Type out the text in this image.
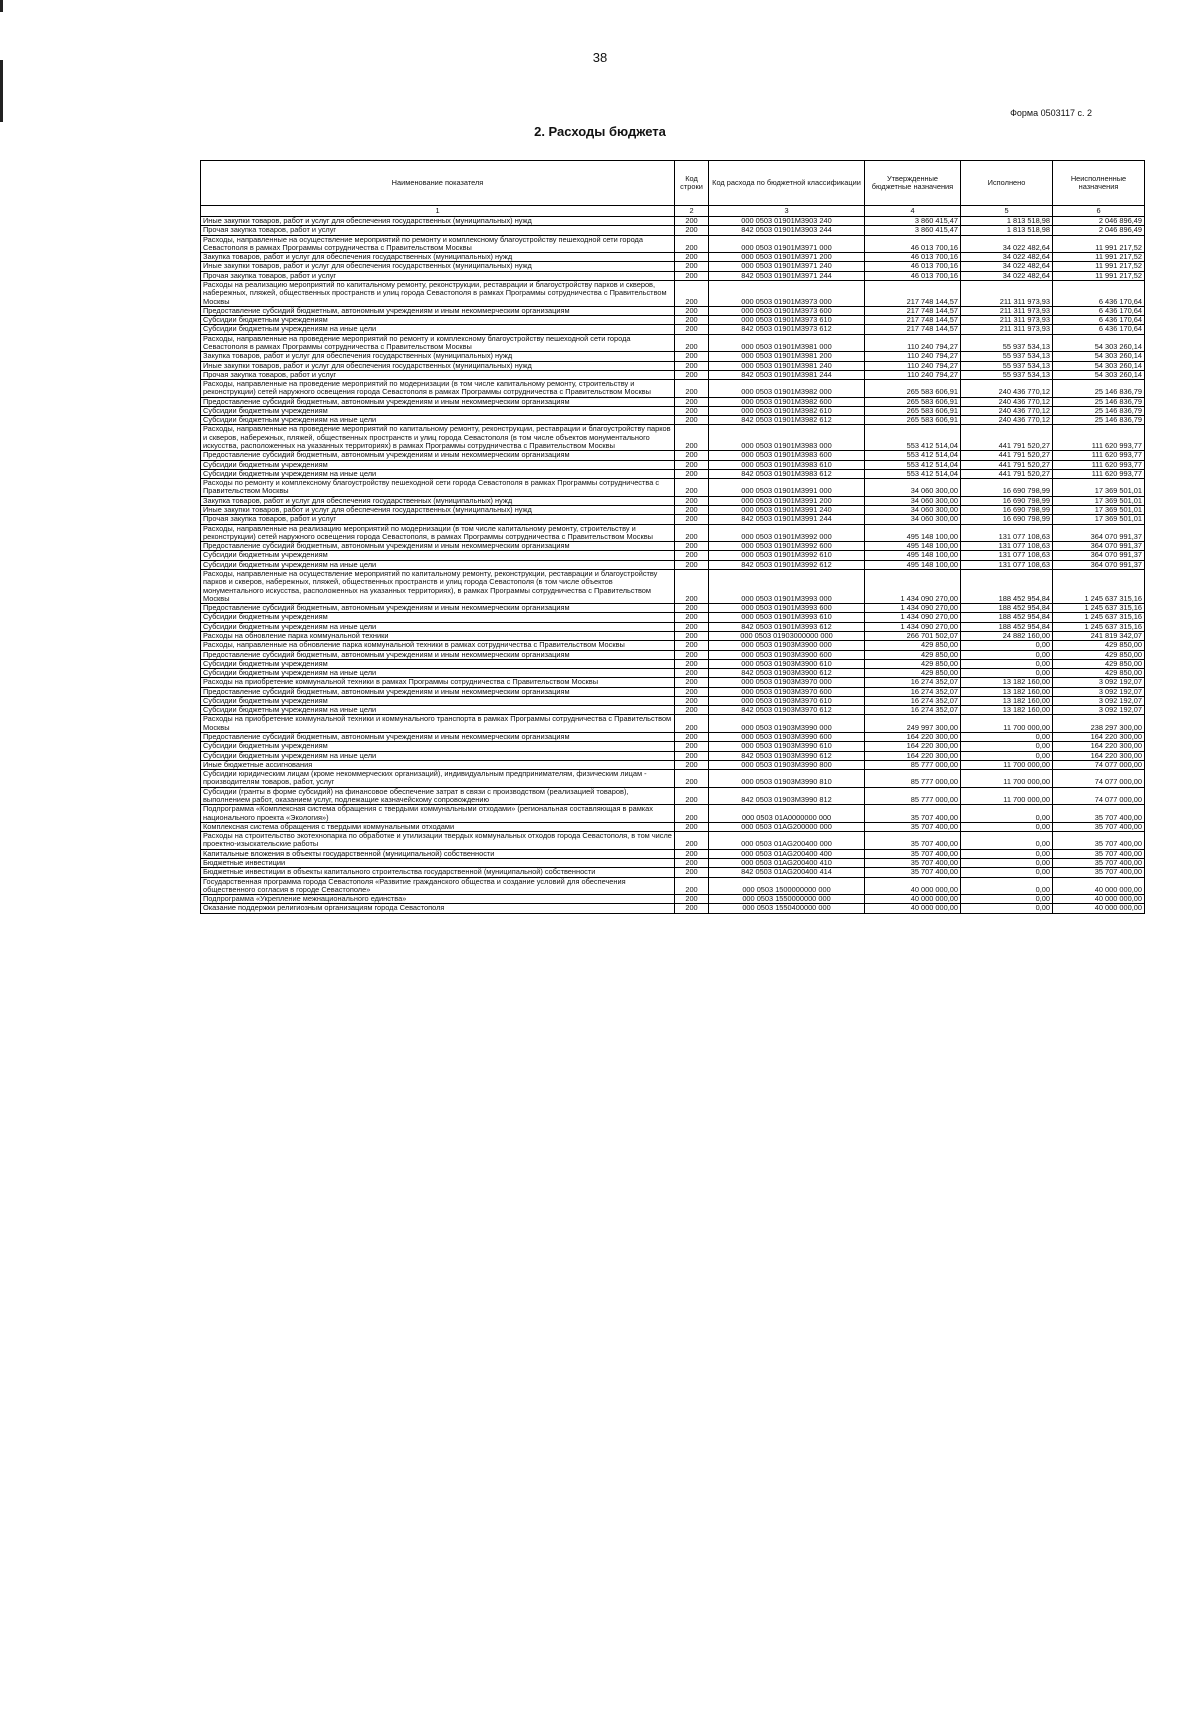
38
Форма 0503117 с. 2
2. Расходы бюджета
Наименование показателя	Код строки	Код расхода по бюджетной классификации	Утвержденные бюджетные назначения	Исполнено	Неисполненные назначения
1	2	3	4	5	6
Иные закупки товаров, работ и услуг для обеспечения государственных (муниципальных) нужд	200	000 0503 01901М3903 240	3 860 415,47	1 813 518,98	2 046 896,49
Прочая закупка товаров, работ и услуг	200	842 0503 01901М3903 244	3 860 415,47	1 813 518,98	2 046 896,49
Расходы, направленные на осуществление мероприятий по ремонту и комплексному благоустройству пешеходной сети города Севастополя в рамках Программы сотрудничества с Правительством Москвы	200	000 0503 01901М3971 000	46 013 700,16	34 022 482,64	11 991 217,52
Закупка товаров, работ и услуг для обеспечения государственных (муниципальных) нужд	200	000 0503 01901М3971 200	46 013 700,16	34 022 482,64	11 991 217,52
Иные закупки товаров, работ и услуг для обеспечения государственных (муниципальных) нужд	200	000 0503 01901М3971 240	46 013 700,16	34 022 482,64	11 991 217,52
Прочая закупка товаров, работ и услуг	200	842 0503 01901М3971 244	46 013 700,16	34 022 482,64	11 991 217,52
Расходы на реализацию мероприятий по капитальному ремонту, реконструкции, реставрации и благоустройству парков и скверов, набережных, пляжей, общественных пространств и улиц города Севастополя в рамках Программы сотрудничества с Правительством Москвы	200	000 0503 01901М3973 000	217 748 144,57	211 311 973,93	6 436 170,64
Предоставление субсидий бюджетным, автономным учреждениям и иным некоммерческим организациям	200	000 0503 01901М3973 600	217 748 144,57	211 311 973,93	6 436 170,64
Субсидии бюджетным учреждениям	200	000 0503 01901М3973 610	217 748 144,57	211 311 973,93	6 436 170,64
Субсидии бюджетным учреждениям на иные цели	200	842 0503 01901М3973 612	217 748 144,57	211 311 973,93	6 436 170,64
Расходы, направленные на проведение мероприятий по ремонту и комплексному благоустройству пешеходной сети города Севастополя в рамках Программы сотрудничества с Правительством Москвы	200	000 0503 01901М3981 000	110 240 794,27	55 937 534,13	54 303 260,14
Закупка товаров, работ и услуг для обеспечения государственных (муниципальных) нужд	200	000 0503 01901М3981 200	110 240 794,27	55 937 534,13	54 303 260,14
Иные закупки товаров, работ и услуг для обеспечения государственных (муниципальных) нужд	200	000 0503 01901М3981 240	110 240 794,27	55 937 534,13	54 303 260,14
Прочая закупка товаров, работ и услуг	200	842 0503 01901М3981 244	110 240 794,27	55 937 534,13	54 303 260,14
Расходы, направленные на проведение мероприятий по модернизации (в том числе капитальному ремонту, строительству и реконструкции) сетей наружного освещения города Севастополя в рамках Программы сотрудничества с Правительством Москвы	200	000 0503 01901М3982 000	265 583 606,91	240 436 770,12	25 146 836,79
Предоставление субсидий бюджетным, автономным учреждениям и иным некоммерческим организациям	200	000 0503 01901М3982 600	265 583 606,91	240 436 770,12	25 146 836,79
Субсидии бюджетным учреждениям	200	000 0503 01901М3982 610	265 583 606,91	240 436 770,12	25 146 836,79
Субсидии бюджетным учреждениям на иные цели	200	842 0503 01901М3982 612	265 583 606,91	240 436 770,12	25 146 836,79
Расходы, направленные на проведение мероприятий по капитальному ремонту, реконструкции, реставрации и благоустройству парков и скверов, набережных, пляжей, общественных пространств и улиц города Севастополя (в том числе объектов монументального искусства, расположенных на указанных территориях) в рамках Программы сотрудничества с Правительством Москвы	200	000 0503 01901М3983 000	553 412 514,04	441 791 520,27	111 620 993,77
Предоставление субсидий бюджетным, автономным учреждениям и иным некоммерческим организациям	200	000 0503 01901М3983 600	553 412 514,04	441 791 520,27	111 620 993,77
Субсидии бюджетным учреждениям	200	000 0503 01901М3983 610	553 412 514,04	441 791 520,27	111 620 993,77
Субсидии бюджетным учреждениям на иные цели	200	842 0503 01901М3983 612	553 412 514,04	441 791 520,27	111 620 993,77
Расходы по ремонту и комплексному благоустройству пешеходной сети города Севастополя в рамках Программы сотрудничества с Правительством Москвы	200	000 0503 01901М3991 000	34 060 300,00	16 690 798,99	17 369 501,01
Закупка товаров, работ и услуг для обеспечения государственных (муниципальных) нужд	200	000 0503 01901М3991 200	34 060 300,00	16 690 798,99	17 369 501,01
Иные закупки товаров, работ и услуг для обеспечения государственных (муниципальных) нужд	200	000 0503 01901М3991 240	34 060 300,00	16 690 798,99	17 369 501,01
Прочая закупка товаров, работ и услуг	200	842 0503 01901М3991 244	34 060 300,00	16 690 798,99	17 369 501,01
Расходы, направленные на реализацию мероприятий по модернизации (в том числе капитальному ремонту, строительству и реконструкции) сетей наружного освещения города Севастополя, в рамках Программы сотрудничества с Правительством Москвы	200	000 0503 01901М3992 000	495 148 100,00	131 077 108,63	364 070 991,37
Предоставление субсидий бюджетным, автономным учреждениям и иным некоммерческим организациям	200	000 0503 01901М3992 600	495 148 100,00	131 077 108,63	364 070 991,37
Субсидии бюджетным учреждениям	200	000 0503 01901М3992 610	495 148 100,00	131 077 108,63	364 070 991,37
Субсидии бюджетным учреждениям на иные цели	200	842 0503 01901М3992 612	495 148 100,00	131 077 108,63	364 070 991,37
Расходы, направленные на осуществление мероприятий по капитальному ремонту, реконструкции, реставрации и благоустройству парков и скверов, набережных, пляжей, общественных пространств и улиц города Севастополя (в том числе объектов монументального искусства, расположенных на указанных территориях), в рамках Программы сотрудничества с Правительством Москвы	200	000 0503 01901М3993 000	1 434 090 270,00	188 452 954,84	1 245 637 315,16
Предоставление субсидий бюджетным, автономным учреждениям и иным некоммерческим организациям	200	000 0503 01901М3993 600	1 434 090 270,00	188 452 954,84	1 245 637 315,16
Субсидии бюджетным учреждениям	200	000 0503 01901М3993 610	1 434 090 270,00	188 452 954,84	1 245 637 315,16
Субсидии бюджетным учреждениям на иные цели	200	842 0503 01901М3993 612	1 434 090 270,00	188 452 954,84	1 245 637 315,16
Расходы на обновление парка коммунальной техники	200	000 0503 01903000000 000	266 701 502,07	24 882 160,00	241 819 342,07
Расходы, направленные на обновление парка коммунальной техники в рамках сотрудничества с Правительством Москвы	200	000 0503 01903М3900 000	429 850,00	0,00	429 850,00
Предоставление субсидий бюджетным, автономным учреждениям и иным некоммерческим организациям	200	000 0503 01903М3900 600	429 850,00	0,00	429 850,00
Субсидии бюджетным учреждениям	200	000 0503 01903М3900 610	429 850,00	0,00	429 850,00
Субсидии бюджетным учреждениям на иные цели	200	842 0503 01903М3900 612	429 850,00	0,00	429 850,00
Расходы на приобретение коммунальной техники в рамках Программы сотрудничества с Правительством Москвы	200	000 0503 01903М3970 000	16 274 352,07	13 182 160,00	3 092 192,07
Предоставление субсидий бюджетным, автономным учреждениям и иным некоммерческим организациям	200	000 0503 01903М3970 600	16 274 352,07	13 182 160,00	3 092 192,07
Субсидии бюджетным учреждениям	200	000 0503 01903М3970 610	16 274 352,07	13 182 160,00	3 092 192,07
Субсидии бюджетным учреждениям на иные цели	200	842 0503 01903М3970 612	16 274 352,07	13 182 160,00	3 092 192,07
Расходы на приобретение коммунальной техники и коммунального транспорта в рамках Программы сотрудничества с Правительством Москвы	200	000 0503 01903М3990 000	249 997 300,00	11 700 000,00	238 297 300,00
Предоставление субсидий бюджетным, автономным учреждениям и иным некоммерческим организациям	200	000 0503 01903М3990 600	164 220 300,00	0,00	164 220 300,00
Субсидии бюджетным учреждениям	200	000 0503 01903М3990 610	164 220 300,00	0,00	164 220 300,00
Субсидии бюджетным учреждениям на иные цели	200	842 0503 01903М3990 612	164 220 300,00	0,00	164 220 300,00
Иные бюджетные ассигнования	200	000 0503 01903М3990 800	85 777 000,00	11 700 000,00	74 077 000,00
Субсидии юридическим лицам (кроме некоммерческих организаций), индивидуальным предпринимателям, физическим лицам - производителям товаров, работ, услуг	200	000 0503 01903М3990 810	85 777 000,00	11 700 000,00	74 077 000,00
Субсидии (гранты в форме субсидий) на финансовое обеспечение затрат в связи с производством (реализацией товаров), выполнением работ, оказанием услуг, подлежащие казначейскому сопровождению	200	842 0503 01903М3990 812	85 777 000,00	11 700 000,00	74 077 000,00
Подпрограмма «Комплексная система обращения с твердыми коммунальными отходами» (региональная составляющая в рамках национального проекта «Экология»)	200	000 0503 01А0000000 000	35 707 400,00	0,00	35 707 400,00
Комплексная система обращения с твердыми коммунальными отходами	200	000 0503 01АG200000 000	35 707 400,00	0,00	35 707 400,00
Расходы на строительство экотехнопарка по обработке и утилизации твердых коммунальных отходов города Севастополя, в том числе проектно-изыскательские работы	200	000 0503 01АG200400 000	35 707 400,00	0,00	35 707 400,00
Капитальные вложения в объекты государственной (муниципальной) собственности	200	000 0503 01АG200400 400	35 707 400,00	0,00	35 707 400,00
Бюджетные инвестиции	200	000 0503 01АG200400 410	35 707 400,00	0,00	35 707 400,00
Бюджетные инвестиции в объекты капитального строительства государственной (муниципальной) собственности	200	842 0503 01АG200400 414	35 707 400,00	0,00	35 707 400,00
Государственная программа города Севастополя «Развитие гражданского общества и создание условий для обеспечения общественного согласия в городе Севастополе»	200	000 0503 1500000000 000	40 000 000,00	0,00	40 000 000,00
Подпрограмма «Укрепление межнационального единства»	200	000 0503 1550000000 000	40 000 000,00	0,00	40 000 000,00
Оказание поддержки религиозным организациям города Севастополя	200	000 0503 1550400000 000	40 000 000,00	0,00	40 000 000,00
